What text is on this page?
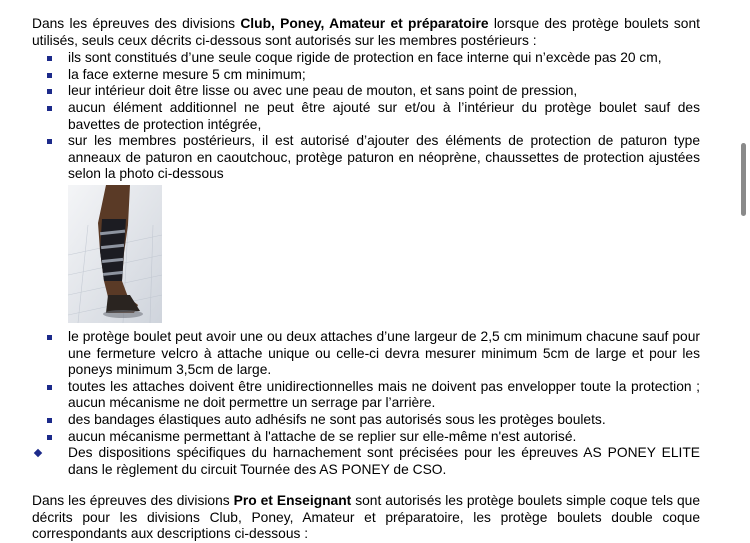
Dans les épreuves des divisions Club, Poney, Amateur et préparatoire lorsque des protège boulets sont utilisés, seuls ceux décrits ci-dessous sont autorisés sur les membres postérieurs :

ils sont constitués d’une seule coque rigide de protection en face interne qui n’excède pas 20 cm,
la face externe mesure 5 cm minimum;
leur intérieur doit être lisse ou avec une peau de mouton, et sans point de pression,
aucun élément additionnel ne peut être ajouté sur et/ou à l’intérieur du protège boulet sauf des bavettes de protection intégrée,
sur les membres postérieurs, il est autorisé d’ajouter des éléments de protection de paturon type anneaux de paturon en caoutchouc, protège paturon en néoprène, chaussettes de protection ajustées selon la photo ci-dessous
le protège boulet peut avoir une ou deux attaches d’une largeur de 2,5 cm minimum chacune sauf pour une fermeture velcro à attache unique ou celle-ci devra mesurer minimum 5cm de large et pour les poneys minimum 3,5cm de large.
toutes les attaches doivent être unidirectionnelles mais ne doivent pas envelopper toute la protection ; aucun mécanisme ne doit permettre un serrage par l’arrière.
des bandages élastiques auto adhésifs ne sont pas autorisés sous les protèges boulets.
aucun mécanisme permettant à l'attache de se replier sur elle-même n'est autorisé.
Des dispositions spécifiques du harnachement sont précisées pour les épreuves AS PONEY ELITE dans le règlement du circuit Tournée des AS PONEY de CSO.

Dans les épreuves des divisions Pro et Enseignant sont autorisés les protège boulets simple coque tels que décrits pour les divisions Club, Poney, Amateur et préparatoire, les protège boulets double coque correspondants aux descriptions ci-dessous :
